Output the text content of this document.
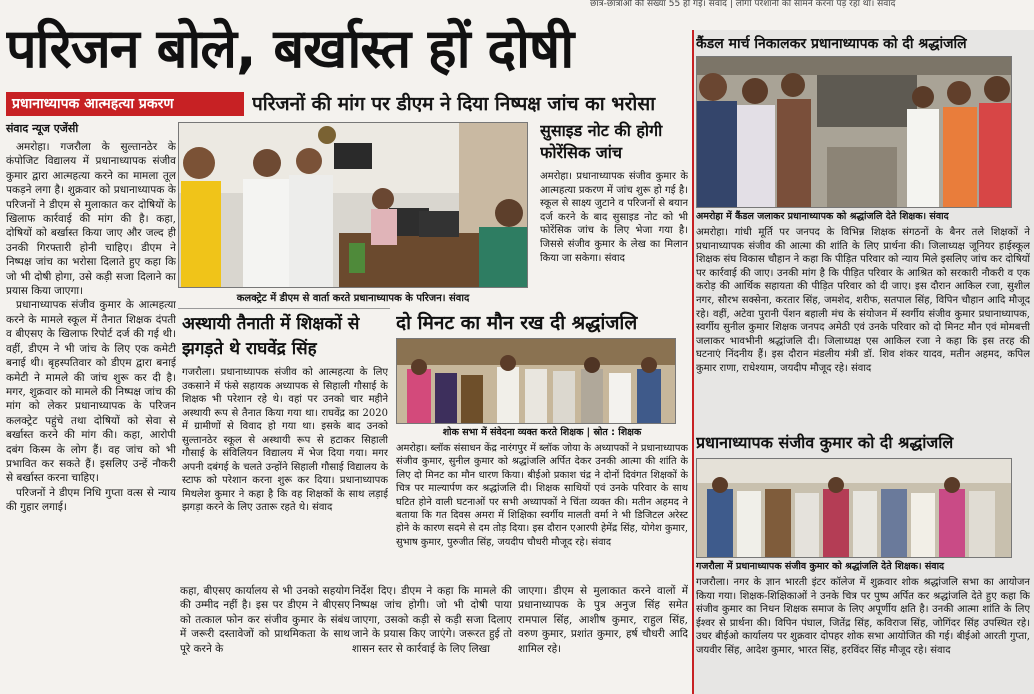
छात्र-छात्राओं की संख्या 55 हो गई। संवाद | लोगों परेशानी को सामने करना पड़ रहा था। संवाद
परिजन बोले, बर्खास्त हों दोषी
प्रधानाध्यापक आत्महत्या प्रकरण	परिजनों की मांग पर डीएम ने दिया निष्पक्ष जांच का भरोसा
संवाद न्यूज एजेंसी

अमरोहा। गजरौला के सुल्तानठेर के कंपोजिट विद्यालय में प्रधानाध्यापक संजीव कुमार द्वारा आत्महत्या करने का मामला तूल पकड़ने लगा है। शुक्रवार को प्रधानाध्यापक के परिजनों ने डीएम से मुलाकात कर दोषियों के खिलाफ कार्रवाई की मांग की है। कहा, दोषियों को बर्खास्त किया जाए और जल्द ही उनकी गिरफ्तारी होनी चाहिए। डीएम ने निष्पक्ष जांच का भरोसा दिलाते हुए कहा कि जो भी दोषी होगा, उसे कड़ी सजा दिलाने का प्रयास किया जाएगा।

प्रधानाध्यापक संजीव कुमार के आत्महत्या करने के मामले स्कूल में तैनात शिक्षक दंपती व बीएसए के खिलाफ रिपोर्ट दर्ज की गई थी। वहीं, डीएम ने भी जांच के लिए एक कमेटी बनाई थी। बृहस्पतिवार को डीएम द्वारा बनाई कमेटी ने मामले की जांच शुरू कर दी है। मगर, शुक्रवार को मामले की निष्पक्ष जांच की मांग को लेकर प्रधानाध्यापक के परिजन कलक्ट्रेट पहुंचे तथा दोषियों को सेवा से बर्खास्त करने की मांग की। कहा, आरोपी दबंग किस्म के लोग हैं। वह जांच को भी प्रभावित कर सकते हैं। इसलिए उन्हें नौकरी से बर्खास्त करना चाहिए।

परिजनों ने डीएम निधि गुप्ता वत्स से न्याय की गुहार लगाई।

कलक्ट्रेट में डीएम से वार्ता करते प्रधानाध्यापक के परिजन। संवाद
सुसाइड नोट की होगी फोरेंसिक जांच
अमरोहा। प्रधानाध्यापक संजीव कुमार के आत्महत्या प्रकरण में जांच शुरू हो गई है। स्कूल से साक्ष्य जुटाने व परिजनों से बयान दर्ज करने के बाद सुसाइड नोट को भी फोरेंसिक जांच के लिए भेजा गया है। जिससे संजीव कुमार के लेख का मिलान किया जा सकेगा। संवाद
अस्थायी तैनाती में शिक्षकों से झगड़ते थे राघवेंद्र सिंह
गजरौला। प्रधानाध्यापक संजीव को आत्महत्या के लिए उकसाने में फंसे सहायक अध्यापक से सिहाली गौसाई के शिक्षक भी परेशान रहे थे। वहां पर उनको चार महीने अस्थायी रूप से तैनात किया गया था। राघवेंद्र का 2020 में ग्रामीणों से विवाद हो गया था। इसके बाद उनको सुल्तानठेर स्कूल से अस्थायी रूप से हटाकर सिहाली गौसाई के संविलियन विद्यालय में भेज दिया गया। मगर अपनी दबंगई के चलते उन्होंने सिहाली गौसाई विद्यालय के स्टाफ को परेशान करना शुरू कर दिया। प्रधानाध्यापक मिथलेश कुमार ने कहा है कि वह शिक्षकों के साथ लड़ाई झगड़ा करने के लिए उतारू रहते थे। संवाद
दो मिनट का मौन रख दी श्रद्धांजलि
शोक सभा में संवेदना व्यक्त करते शिक्षक | स्रोत : शिक्षक
अमरोहा। ब्लॉक संसाधन केंद्र नारंगपुर में ब्लॉक जोया के अध्यापकों ने प्रधानाध्यापक संजीव कुमार, सुनील कुमार को श्रद्धांजलि अर्पित देकर उनकी आत्मा की शांति के लिए दो मिनट का मौन धारण किया। बीईओ प्रकाश चंद्र ने दोनों दिवंगत शिक्षकों के चित्र पर माल्यार्पण कर श्रद्धांजलि दी। शिक्षक साथियों एवं उनके परिवार के साथ घटित होने वाली घटनाओं पर सभी अध्यापकों ने चिंता व्यक्त की। मतीन अहमद ने बताया कि गत दिवस अमरा में शिक्षिका स्वर्गीय मालती वर्मा ने भी डिजिटल अरेस्ट होने के कारण सदमे से दम तोड़ दिया। इस दौरान एआरपी हेमेंद्र सिंह, योगेश कुमार, सुभाष कुमार, पुरुजीत सिंह, जयदीप चौधरी मौजूद रहे। संवाद
कहा, बीएसए कार्यालय से भी उनको सहयोग की उम्मीद नहीं है। इस पर डीएम ने बीएसए को तत्काल फोन कर संजीव कुमार के संबंध में जरूरी दस्तावेजों को प्राथमिकता के साथ पूरे करने के
निर्देश दिए। डीएम ने कहा कि मामले की निष्पक्ष जांच होगी। जो भी दोषी पाया जाएगा, उसको कड़ी से कड़ी सजा दिलाए जाने के प्रयास किए जाएंगे। जरूरत हुई तो शासन स्तर से कार्रवाई के लिए लिखा
जाएगा। डीएम से मुलाकात करने वालों में प्रधानाध्यापक के पुत्र अनुज सिंह समेत रामपाल सिंह, आशीष कुमार, राहुल सिंह, वरुण कुमार, प्रशांत कुमार, हर्ष चौधरी आदि शामिल रहे।
कैंडल मार्च निकालकर प्रधानाध्यापक को दी श्रद्धांजलि
अमरोहा में कैंडल जलाकर प्रधानाध्यापक को श्रद्धांजलि देते शिक्षक। संवाद
अमरोहा। गांधी मूर्ति पर जनपद के विभिन्न शिक्षक संगठनों के बैनर तले शिक्षकों ने प्रधानाध्यापक संजीव की आत्मा की शांति के लिए प्रार्थना की। जिलाध्यक्ष जूनियर हाईस्कूल शिक्षक संघ विकास चौहान ने कहा कि पीड़ित परिवार को न्याय मिले इसलिए जांच कर दोषियों पर कार्रवाई की जाए। उनकी मांग है कि पीड़ित परिवार के आश्रित को सरकारी नौकरी व एक करोड़ की आर्थिक सहायता की पीड़ित परिवार को दी जाए। इस दौरान आकिल रजा, सुशील नगर, सौरभ सक्सेना, करतार सिंह, जमशेद, शरीफ, सतपाल सिंह, विपिन चौहान आदि मौजूद रहे। वहीं, अटेवा पुरानी पेंशन बहाली मंच के संयोजन में स्वर्गीय संजीव कुमार प्रधानाध्यापक, स्वर्गीय सुनील कुमार शिक्षक जनपद अमेठी एवं उनके परिवार को दो मिनट मौन एवं मोमबत्ती जलाकर भावभीनी श्रद्धांजलि दी। जिलाध्यक्ष एस आकिल रजा ने कहा कि इस तरह की घटनाएं निंदनीय हैं। इस दौरान मंडलीय मंत्री डॉ. शिव शंकर यादव, मतीन अहमद, कपिल कुमार राणा, राधेश्याम, जयदीप मौजूद रहे। संवाद
प्रधानाध्यापक संजीव कुमार को दी श्रद्धांजलि
गजरौला में प्रधानाध्यापक संजीव कुमार को श्रद्धांजलि देते शिक्षक। संवाद
गजरौला। नगर के ज्ञान भारती इंटर कॉलेज में शुक्रवार शोक श्रद्धांजलि सभा का आयोजन किया गया। शिक्षक-शिक्षिकाओं ने उनके चित्र पर पुष्प अर्पित कर श्रद्धांजलि देते हुए कहा कि संजीव कुमार का निधन शिक्षक समाज के लिए अपूर्णीय क्षति है। उनकी आत्मा शांति के लिए ईश्वर से प्रार्थना की। विपिन पंघाल, जितेंद्र सिंह, कविराज सिंह, जोगिंदर सिंह उपस्थित रहे। उधर बीईओ कार्यालय पर शुक्रवार दोपहर शोक सभा आयोजित की गई। बीईओ आरती गुप्ता, जयवीर सिंह, आदेश कुमार, भारत सिंह, हरविंदर सिंह मौजूद रहे। संवाद
